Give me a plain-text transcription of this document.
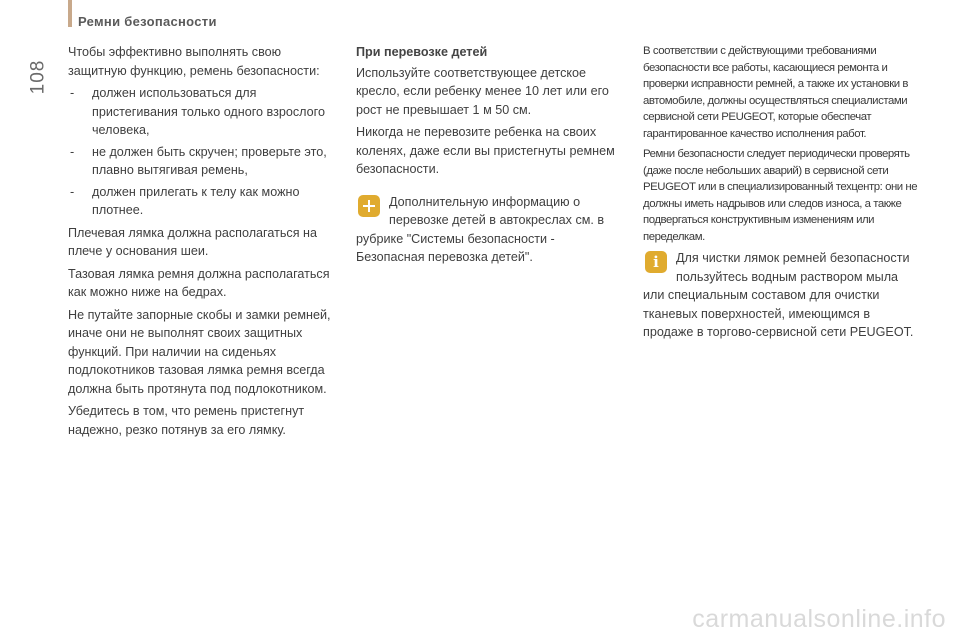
Ремни безопасности
108

Чтобы эффективно выполнять свою защитную функцию, ремень безопасности:

- должен использоваться для пристегивания только одного взрослого человека,
- не должен быть скручен; проверьте это, плавно вытягивая ремень,
- должен прилегать к телу как можно плотнее.

Плечевая лямка должна располагаться на плече у основания шеи.

Тазовая лямка ремня должна располагаться как можно ниже на бедрах.

Не путайте запорные скобы и замки ремней, иначе они не выполнят своих защитных функций. При наличии на сиденьях подлокотников тазовая лямка ремня всегда должна быть протянута под подлокотником.

Убедитесь в том, что ремень пристегнут надежно, резко потянув за его лямку.

При перевозке детей

Используйте соответствующее детское кресло, если ребенку менее 10 лет или его рост не превышает 1 м 50 см.

Никогда не перевозите ребенка на своих коленях, даже если вы пристегнуты ремнем безопасности.

Дополнительную информацию о перевозке детей в автокреслах см. в рубрике "Системы безопасности - Безопасная перевозка детей".

В соответствии с действующими требованиями безопасности все работы, касающиеся ремонта и проверки исправности ремней, а также их установки в автомобиле, должны осуществляться специалистами сервисной сети PEUGEOT, которые обеспечат гарантированное качество исполнения работ.

Ремни безопасности следует периодически проверять (даже после небольших аварий) в сервисной сети PEUGEOT или в специализированный техцентр: они не должны иметь надрывов или следов износа, а также подвергаться конструктивным изменениям или переделкам.

i	Для чистки лямок ремней безопасности пользуйтесь водным раствором мыла или специальным составом для очистки тканевых поверхностей, имеющимся в продаже в торгово-сервисной сети PEUGEOT.
carmanualsonline.info
